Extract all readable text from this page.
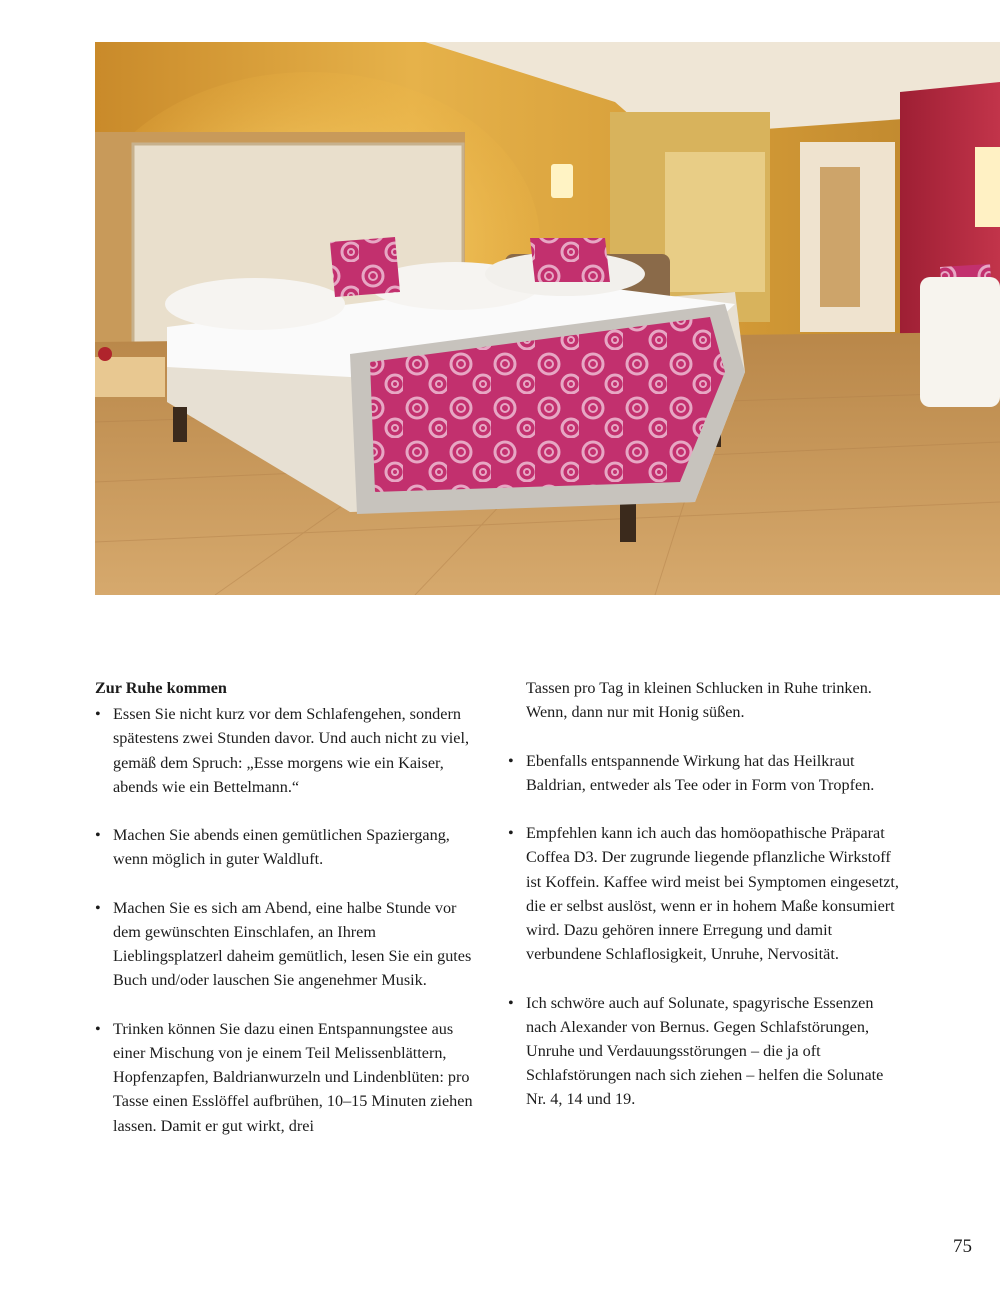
Zur Ruhe kommen
• Essen Sie nicht kurz vor dem Schlafengehen, sondern spätestens zwei Stunden davor. Und auch nicht zu viel, gemäß dem Spruch: „Esse morgens wie ein Kaiser, abends wie ein Bettelmann.“
• Machen Sie abends einen gemütlichen Spaziergang, wenn möglich in guter Waldluft.
• Machen Sie es sich am Abend, eine halbe Stunde vor dem gewünschten Einschlafen, an Ihrem Lieblingsplatzerl daheim gemütlich, lesen Sie ein gutes Buch und/oder lauschen Sie angenehmer Musik.
• Trinken können Sie dazu einen Entspannungstee aus einer Mischung von je einem Teil Melissenblättern, Hopfenzapfen, Baldrianwurzeln und Lindenblüten: pro Tasse einen Esslöffel aufbrühen, 10–15 Minuten ziehen lassen. Damit er gut wirkt, drei
Tassen pro Tag in kleinen Schlucken in Ruhe trinken. Wenn, dann nur mit Honig süßen.
• Ebenfalls entspannende Wirkung hat das Heilkraut Baldrian, entweder als Tee oder in Form von Tropfen.
• Empfehlen kann ich auch das homöopathische Präparat Coffea D3. Der zugrunde liegende pflanzliche Wirkstoff ist Koffein. Kaffee wird meist bei Symptomen eingesetzt, die er selbst auslöst, wenn er in hohem Maße konsumiert wird. Dazu gehören innere Erregung und damit verbundene Schlaflosigkeit, Unruhe, Nervosität.
• Ich schwöre auch auf Solunate, spagyrische Essenzen nach Alexander von Bernus. Gegen Schlafstörungen, Unruhe und Verdauungsstörungen – die ja oft Schlafstörungen nach sich ziehen – helfen die Solunate Nr. 4, 14 und 19.
75
